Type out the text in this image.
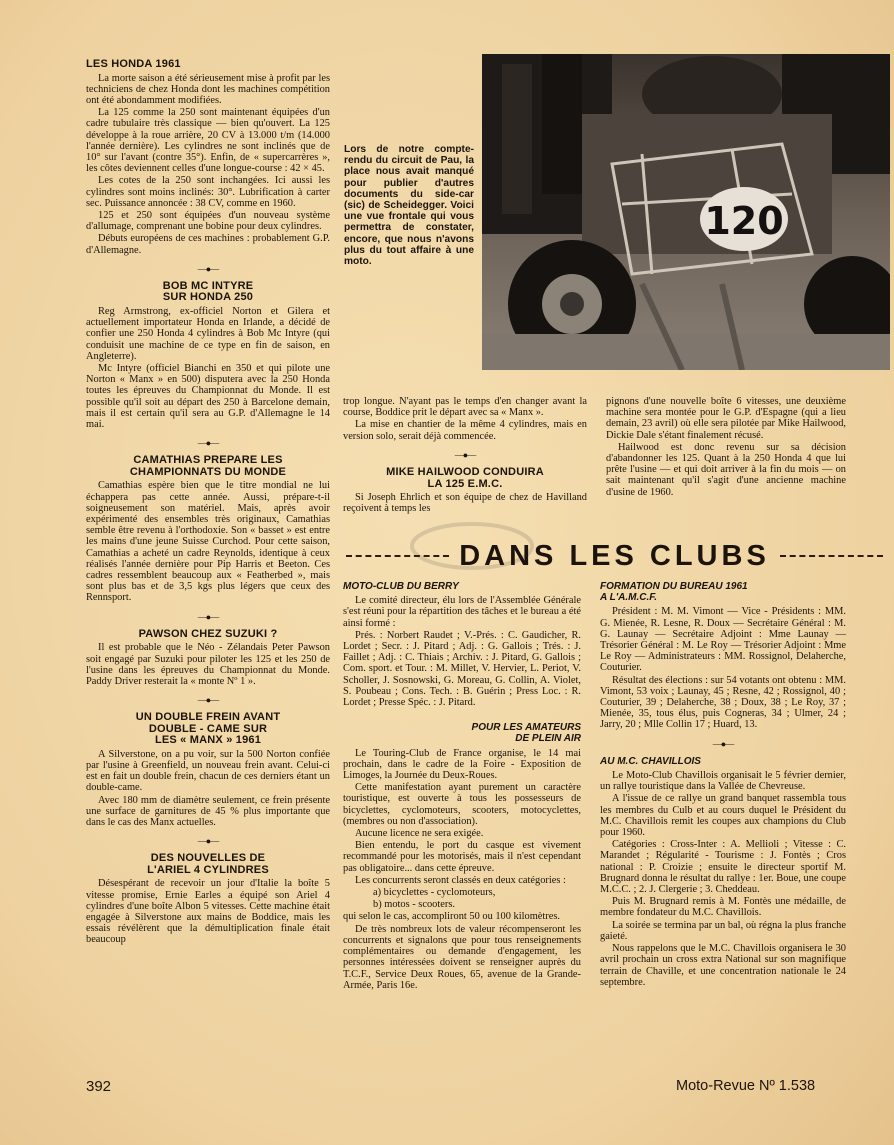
LES HONDA 1961

La morte saison a été sérieusement mise à profit par les techniciens de chez Honda dont les machines compétition ont été abondamment modifiées.

La 125 comme la 250 sont maintenant équipées d'un cadre tubulaire très classique — bien qu'ouvert. La 125 développe à la roue arrière, 20 CV à 13.000 t/m (14.000 l'année dernière). Les cylindres ne sont inclinés que de 10° sur l'avant (contre 35°). Enfin, de « supercarrères », les côtes deviennent celles d'une longue-course : 42 × 45.

Les cotes de la 250 sont inchangées. Ici aussi les cylindres sont moins inclinés: 30°. Lubrification à carter sec. Puissance annoncée : 38 CV, comme en 1960.

125 et 250 sont équipées d'un nouveau système d'allumage, comprenant une bobine pour deux cylindres.

Débuts européens de ces machines : probablement G.P. d'Allemagne.

—●—
BOB MC INTYRE
SUR HONDA 250

Reg Armstrong, ex-officiel Norton et Gilera et actuellement importateur Honda en Irlande, a décidé de confier une 250 Honda 4 cylindres à Bob Mc Intyre (qui conduisit une machine de ce type en fin de saison, en Angleterre).

Mc Intyre (officiel Bianchi en 350 et qui pilote une Norton « Manx » en 500) disputera avec la 250 Honda toutes les épreuves du Championnat du Monde. Il est possible qu'il soit au départ des 250 à Barcelone demain, mais il est certain qu'il sera au G.P. d'Allemagne le 14 mai.

—●—
CAMATHIAS PREPARE LES
CHAMPIONNATS DU MONDE

Camathias espère bien que le titre mondial ne lui échappera pas cette année. Aussi, prépare-t-il soigneusement son matériel. Mais, après avoir expérimenté des ensembles très originaux, Camathias semble être revenu à l'orthodoxie. Son « basset » est entre les mains d'une jeune Suisse Curchod. Pour cette saison, Camathias a acheté un cadre Reynolds, identique à ceux réalisés l'année dernière pour Pip Harris et Beeton. Ces cadres ressemblent beaucoup aux « Featherbed », mais sont plus bas et de 3,5 kgs plus légers que ceux des Rennsport.

—●—
PAWSON CHEZ SUZUKI ?

Il est probable que le Néo - Zélandais Peter Pawson soit engagé par Suzuki pour piloter les 125 et les 250 de l'usine dans les épreuves du Championnat du Monde. Paddy Driver resterait la « monte Nº 1 ».

—●—
UN DOUBLE FREIN AVANT
DOUBLE - CAME SUR
LES « MANX » 1961

A Silverstone, on a pu voir, sur la 500 Norton confiée par l'usine à Greenfield, un nouveau frein avant. Celui-ci est en fait un double frein, chacun de ces derniers étant un double-came.

Avec 180 mm de diamètre seulement, ce frein présente une surface de garnitures de 45 % plus importante que dans le cas des Manx actuelles.

—●—
DES NOUVELLES DE
L'ARIEL 4 CYLINDRES

Désespérant de recevoir un jour d'Italie la boîte 5 vitesse promise, Ernie Earles a équipé son Ariel 4 cylindres d'une boîte Albon 5 vitesses. Cette machine était engagée à Silverstone aux mains de Boddice, mais les essais révélèrent que la démultiplication finale était beaucoup

Lors de notre compte-rendu du circuit de Pau, la place nous avait manqué pour publier d'autres documents du side-car (sic) de Scheidegger. Voici une vue frontale qui vous permettra de constater, encore, que nous n'avons plus du tout affaire à une moto.
120

trop longue. N'ayant pas le temps d'en changer avant la course, Boddice prit le départ avec sa « Manx ».

La mise en chantier de la même 4 cylindres, mais en version solo, serait déjà commencée.

—●—
MIKE HAILWOOD CONDUIRA
LA 125 E.M.C.

Si Joseph Ehrlich et son équipe de chez de Havilland reçoivent à temps les

pignons d'une nouvelle boîte 6 vitesses, une deuxième machine sera montée pour le G.P. d'Espagne (qui a lieu demain, 23 avril) où elle sera pilotée par Mike Hailwood, Dickie Dale s'étant finalement récusé.

Hailwood est donc revenu sur sa décision d'abandonner les 125. Quant à la 250 Honda 4 que lui prête l'usine — et qui doit arriver à la fin du mois — on sait maintenant qu'il s'agit d'une ancienne machine d'usine de 1960.

DANS LES CLUBS
MOTO-CLUB DU BERRY

Le comité directeur, élu lors de l'Assemblée Générale s'est réuni pour la répartition des tâches et le bureau a été ainsi formé :

Prés. : Norbert Raudet ; V.-Prés. : C. Gaudicher, R. Lordet ; Secr. : J. Pitard ; Adj. : G. Gallois ; Trés. : J. Faillet ; Adj. : C. Thiais ; Archiv. : J. Pitard, G. Gallois ; Com. sport. et Tour. : M. Millet, V. Hervier, L. Periot, V. Scholler, J. Sosnowski, G. Moreau, G. Collin, A. Violet, S. Poubeau ; Cons. Tech. : B. Guérin ; Press Loc. : R. Lordet ; Presse Spéc. : J. Pitard.

POUR LES AMATEURS
DE PLEIN AIR

Le Touring-Club de France organise, le 14 mai prochain, dans le cadre de la Foire - Exposition de Limoges, la Journée du Deux-Roues.

Cette manifestation ayant purement un caractère touristique, est ouverte à tous les possesseurs de bicyclettes, cyclomoteurs, scooters, motocyclettes, (membres ou non d'association).

Aucune licence ne sera exigée.

Bien entendu, le port du casque est vivement recommandé pour les motorisés, mais il n'est cependant pas obligatoire... dans cette épreuve.

Les concurrents seront classés en deux catégories :

a) bicyclettes - cyclomoteurs,

b) motos - scooters.

qui selon le cas, accompliront 50 ou 100 kilomètres.

De très nombreux lots de valeur récompenseront les concurrents et signalons que pour tous renseignements complémentaires ou demande d'engagement, les personnes intéressées doivent se renseigner auprès du T.C.F., Service Deux Roues, 65, avenue de la Grande-Armée, Paris 16e.

FORMATION DU BUREAU 1961
A L'A.M.C.F.

Président : M. M. Vimont — Vice - Présidents : MM. G. Mienée, R. Lesne, R. Doux — Secrétaire Général : M. G. Launay — Secrétaire Adjoint : Mme Launay — Trésorier Général : M. Le Roy — Trésorier Adjoint : Mme Le Roy — Administrateurs : MM. Rossignol, Delaherche, Couturier.

Résultat des élections : sur 54 votants ont obtenu : MM. Vimont, 53 voix ; Launay, 45 ; Resne, 42 ; Rossignol, 40 ; Couturier, 39 ; Delaherche, 38 ; Doux, 38 ; Le Roy, 37 ; Mienée, 35, tous élus, puis Cogneras, 34 ; Ulmer, 24 ; Jarry, 20 ; Mlle Collin 17 ; Huard, 13.

—●—
AU M.C. CHAVILLOIS

Le Moto-Club Chavillois organisait le 5 février dernier, un rallye touristique dans la Vallée de Chevreuse.

A l'issue de ce rallye un grand banquet rassembla tous les membres du Culb et au cours duquel le Président du M.C. Chavillois remit les coupes aux champions du Club pour 1960.

Catégories : Cross-Inter : A. Mellioli ; Vitesse : C. Marandet ; Régularité - Tourisme : J. Fontès ; Cros national : P. Croizie ; ensuite le directeur sportif M. Brugnard donna le résultat du rallye : 1er. Boue, une coupe M.C.C. ; 2. J. Clergerie ; 3. Cheddeau.

Puis M. Brugnard remis à M. Fontès une médaille, de membre fondateur du M.C. Chavillois.

La soirée se termina par un bal, où régna la plus franche gaieté.

Nous rappelons que le M.C. Chavillois organisera le 30 avril prochain un cross extra National sur son magnifique terrain de Chaville, et une concentration nationale le 24 septembre.

392	Moto-Revue Nº 1.538
